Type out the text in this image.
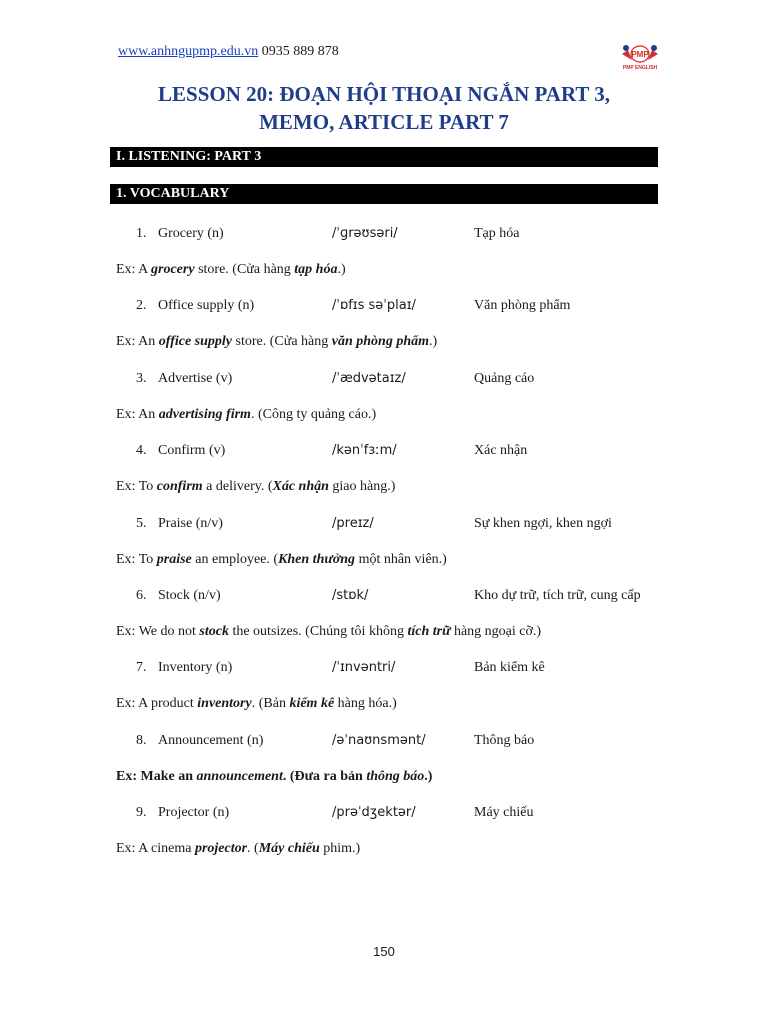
www.anhngupmp.edu.vn 0935 889 878	PMP
PMP ENGLISH
LESSON 20: ĐOẠN HỘI THOẠI NGẮN PART 3,
MEMO, ARTICLE PART 7
I. LISTENING: PART 3
1. VOCABULARY
1. Grocery (n)	/ˈɡrəʊsəri/	Tạp hóa
Ex: A grocery store. (Cửa hàng tạp hóa.)
2. Office supply (n)	/ˈɒfɪs səˈplaɪ/	Văn phòng phẩm
Ex: An office supply store. (Cửa hàng văn phòng phẩm.)
3. Advertise (v)	/ˈædvətaɪz/	Quảng cáo
Ex: An advertising firm. (Công ty quảng cáo.)
4. Confirm (v)	/kənˈfɜːm/	Xác nhận
Ex: To confirm a delivery. (Xác nhận giao hàng.)
5. Praise (n/v)	/preɪz/	Sự khen ngợi, khen ngợi
Ex: To praise an employee. (Khen thưởng một nhân viên.)
6. Stock (n/v)	/stɒk/	Kho dự trữ, tích trữ, cung cấp
Ex: We do not stock the outsizes. (Chúng tôi không tích trữ hàng ngoại cỡ.)
7. Inventory (n)	/ˈɪnvəntri/	Bản kiểm kê
Ex: A product inventory. (Bản kiểm kê hàng hóa.)
8. Announcement (n)	/əˈnaʊnsmənt/	Thông báo
Ex: Make an announcement. (Đưa ra bản thông báo.)
9. Projector (n)	/prəˈdʒektər/	Máy chiếu
Ex: A cinema projector. (Máy chiếu phim.)
150
